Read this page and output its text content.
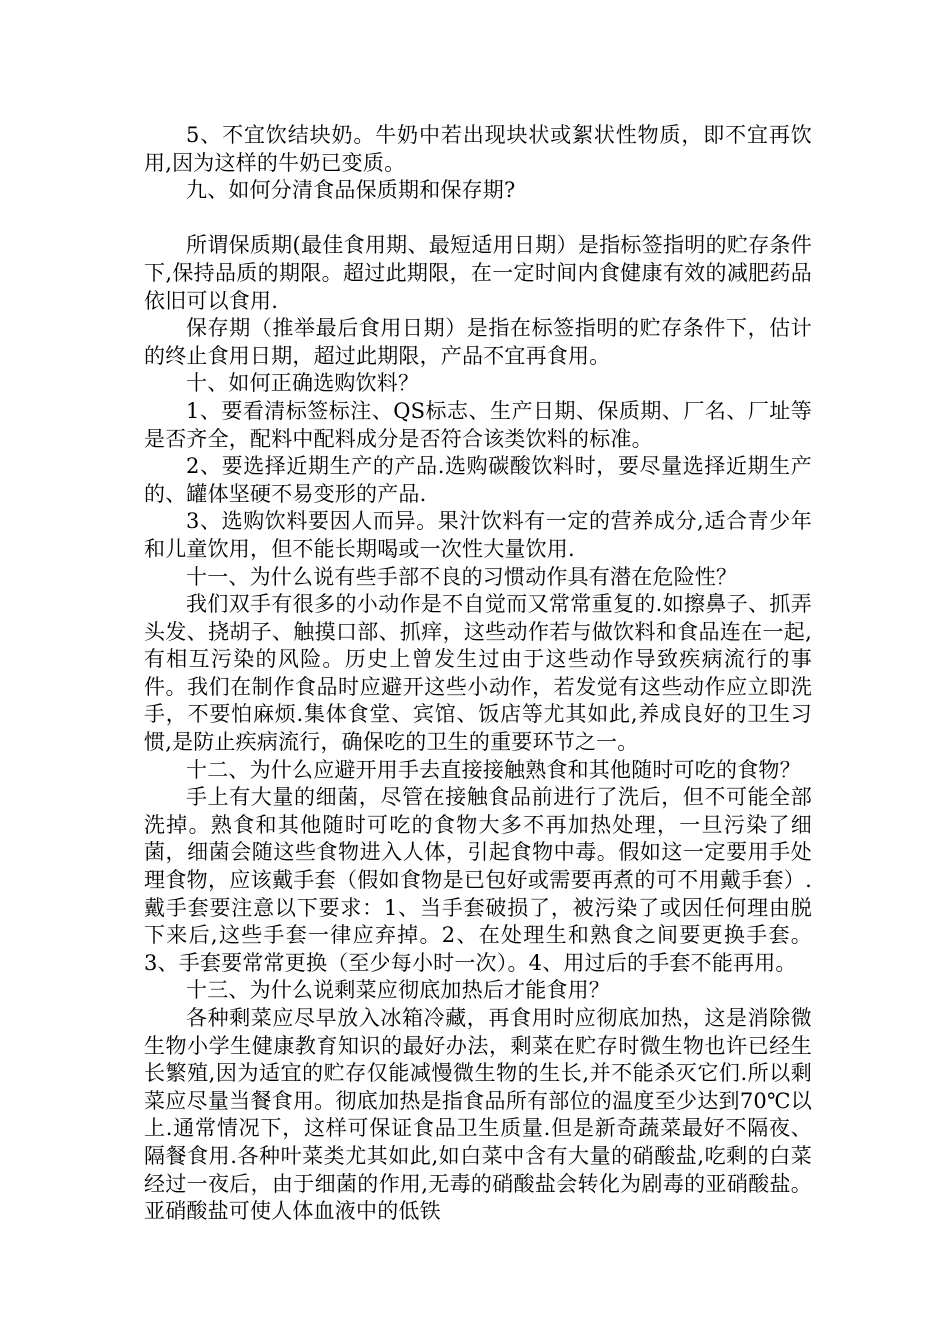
5、不宜饮结块奶。牛奶中若出现块状或絮状性物质，即不宜再饮用,因为这样的牛奶已变质。

九、如何分清食品保质期和保存期?

所谓保质期(最佳食用期、最短适用日期）是指标签指明的贮存条件下,保持品质的期限。超过此期限，在一定时间内食健康有效的减肥药品依旧可以食用.

保存期（推举最后食用日期）是指在标签指明的贮存条件下，估计的终止食用日期，超过此期限，产品不宜再食用。

十、如何正确选购饮料？

1、要看清标签标注、QS标志、生产日期、保质期、厂名、厂址等是否齐全，配料中配料成分是否符合该类饮料的标准。

2、要选择近期生产的产品.选购碳酸饮料时，要尽量选择近期生产的、罐体坚硬不易变形的产品.

3、选购饮料要因人而异。果汁饮料有一定的营养成分,适合青少年和儿童饮用，但不能长期喝或一次性大量饮用.

十一、为什么说有些手部不良的习惯动作具有潜在危险性？

我们双手有很多的小动作是不自觉而又常常重复的.如擦鼻子、抓弄头发、挠胡子、触摸口部、抓痒，这些动作若与做饮料和食品连在一起,有相互污染的风险。历史上曾发生过由于这些动作导致疾病流行的事件。我们在制作食品时应避开这些小动作，若发觉有这些动作应立即洗手，不要怕麻烦.集体食堂、宾馆、饭店等尤其如此,养成良好的卫生习惯,是防止疾病流行，确保吃的卫生的重要环节之一。

十二、为什么应避开用手去直接接触熟食和其他随时可吃的食物？

手上有大量的细菌，尽管在接触食品前进行了洗后，但不可能全部洗掉。熟食和其他随时可吃的食物大多不再加热处理，一旦污染了细菌，细菌会随这些食物进入人体，引起食物中毒。假如这一定要用手处理食物，应该戴手套（假如食物是已包好或需要再煮的可不用戴手套）.戴手套要注意以下要求：1、当手套破损了，被污染了或因任何理由脱下来后,这些手套一律应弃掉。2、在处理生和熟食之间要更换手套。3、手套要常常更换（至少每小时一次）。4、用过后的手套不能再用。

十三、为什么说剩菜应彻底加热后才能食用？

各种剩菜应尽早放入冰箱冷藏，再食用时应彻底加热，这是消除微生物小学生健康教育知识的最好办法，剩菜在贮存时微生物也许已经生长繁殖,因为适宜的贮存仅能减慢微生物的生长,并不能杀灭它们.所以剩菜应尽量当餐食用。彻底加热是指食品所有部位的温度至少达到70℃以上.通常情况下，这样可保证食品卫生质量.但是新奇蔬菜最好不隔夜、隔餐食用.各种叶菜类尤其如此,如白菜中含有大量的硝酸盐,吃剩的白菜经过一夜后，由于细菌的作用,无毒的硝酸盐会转化为剧毒的亚硝酸盐。亚硝酸盐可使人体血液中的低铁
